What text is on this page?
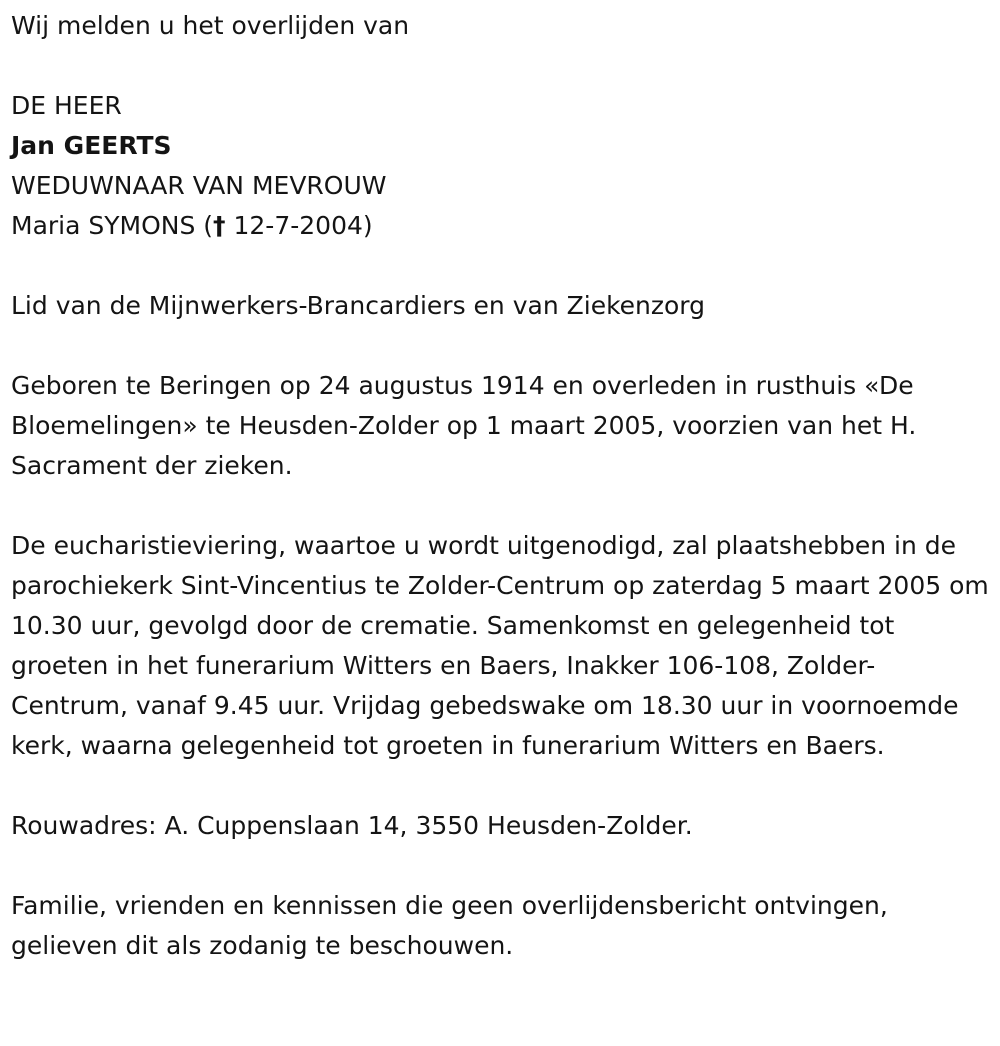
Wij melden u het overlijden van
DE HEER
Jan GEERTS
WEDUWNAAR VAN MEVROUW
Maria SYMONS († 12-7-2004)
Lid van de Mijnwerkers-Brancardiers en van Ziekenzorg
Geboren te Beringen op 24 augustus 1914 en overleden in rusthuis «De Bloemelingen» te Heusden-Zolder op 1 maart 2005, voorzien van het H. Sacrament der zieken.
De eucharistieviering, waartoe u wordt uitgenodigd, zal plaatshebben in de parochiekerk Sint-Vincentius te Zolder-Centrum op zaterdag 5 maart 2005 om 10.30 uur, gevolgd door de crematie. Samenkomst en gelegenheid tot groeten in het funerarium Witters en Baers, Inakker 106-108, Zolder-Centrum, vanaf 9.45 uur. Vrijdag gebedswake om 18.30 uur in voornoemde kerk, waarna gelegenheid tot groeten in funerarium Witters en Baers.
Rouwadres: A. Cuppenslaan 14, 3550 Heusden-Zolder.
Familie, vrienden en kennissen die geen overlijdensbericht ontvingen, gelieven dit als zodanig te beschouwen.
